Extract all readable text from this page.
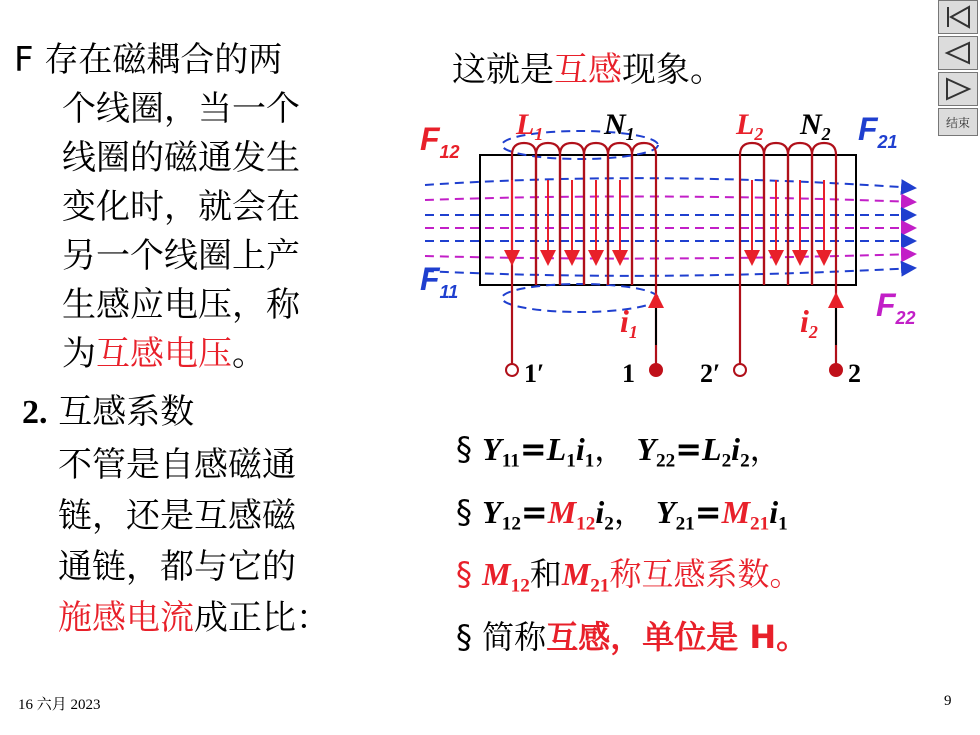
F 存在磁耦合的两
个线圈，当一个
线圈的磁通发生
变化时，就会在
另一个线圈上产
生感应电压，称
为互感电压。
2. 互感系数
不管是自感磁通
链，还是互感磁
通链，都与它的
施感电流成正比：
这就是互感现象。
$F_{12}$
$F_{21}$
$F_{11}$	$F_{22}$
$L_1$ $N_1$	$L_2$ $N_2$
i1	i2
1′	1	2′	2
§ $Y_{11}=L_1i_1$， $Y_{22}=L_2i_2$，
§ $Y_{12}=M_{12}i_2$， $Y_{21}=M_{21}i_1$
§ $M_{12}$和$M_{21}$称互感系数。
§ 简称互感，单位是 H。
结束
16 六月 2023	9
